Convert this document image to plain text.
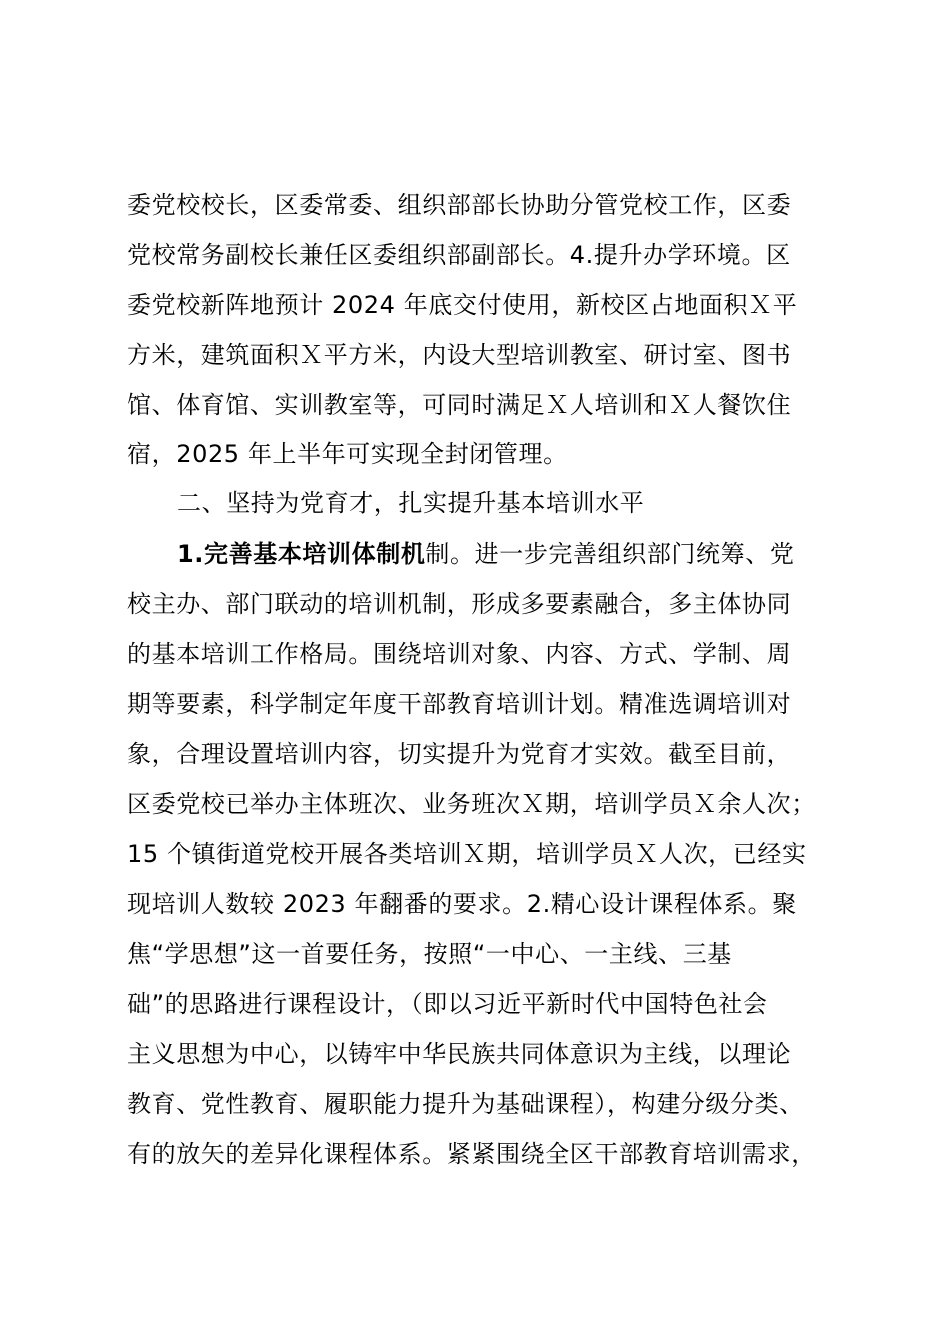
委党校校长，区委常委、组织部部长协助分管党校工作，区委
党校常务副校长兼任区委组织部副部长。4.提升办学环境。区
委党校新阵地预计 2024 年底交付使用，新校区占地面积Ｘ平
方米，建筑面积Ｘ平方米，内设大型培训教室、研讨室、图书
馆、体育馆、实训教室等，可同时满足Ｘ人培训和Ｘ人餐饮住
宿，2025 年上半年可实现全封闭管理。
二、坚持为党育才，扎实提升基本培训水平
1.完善基本培训体制机制。进一步完善组织部门统筹、党
校主办、部门联动的培训机制，形成多要素融合，多主体协同
的基本培训工作格局。围绕培训对象、内容、方式、学制、周
期等要素，科学制定年度干部教育培训计划。精准选调培训对
象，合理设置培训内容，切实提升为党育才实效。截至目前，
区委党校已举办主体班次、业务班次Ｘ期，培训学员Ｘ余人次；
15 个镇街道党校开展各类培训Ｘ期，培训学员Ｘ人次，已经实
现培训人数较 2023 年翻番的要求。2.精心设计课程体系。聚
焦“学思想”这一首要任务，按照“一中心、一主线、三基
础”的思路进行课程设计，（即以习近平新时代中国特色社会
主义思想为中心，以铸牢中华民族共同体意识为主线，以理论
教育、党性教育、履职能力提升为基础课程），构建分级分类、
有的放矢的差异化课程体系。紧紧围绕全区干部教育培训需求，
